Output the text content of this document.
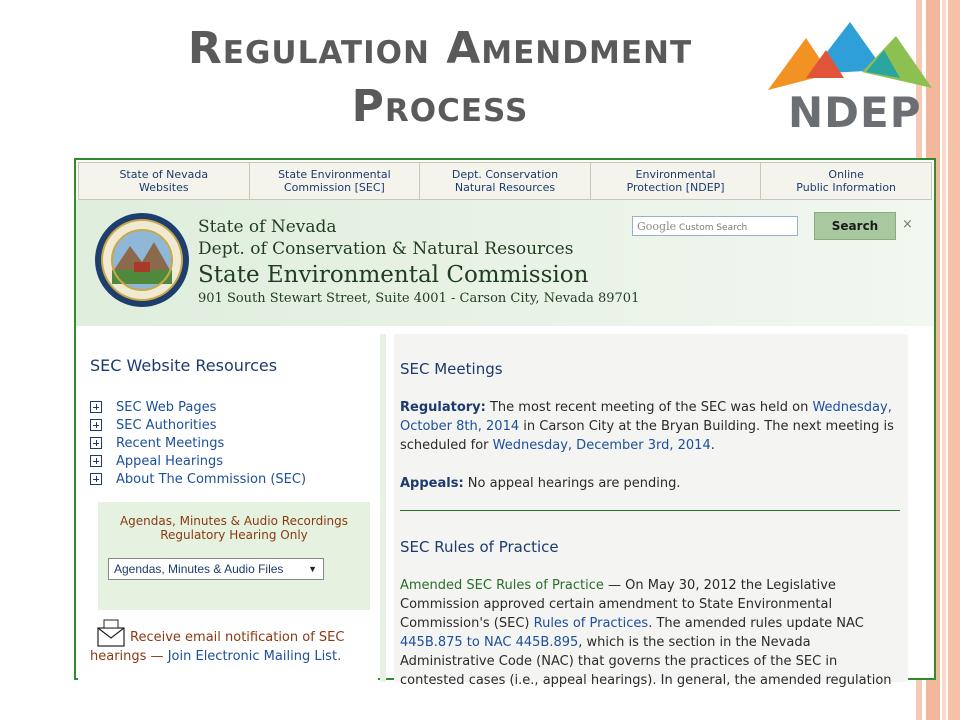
Regulation Amendment
Process	NDEP
State of Nevada
Websites
State Environmental
Commission [SEC]
Dept. Conservation
Natural Resources
Environmental
Protection [NDEP]
Online
Public Information
State of Nevada
Dept. of Conservation & Natural Resources
State Environmental Commission
901 South Stewart Street, Suite 4001 - Carson City, Nevada 89701
Google Custom Search	Search	×
SEC Website Resources
SEC Web Pages
SEC Authorities
Recent Meetings
Appeal Hearings
About The Commission (SEC)
Agendas, Minutes & Audio Recordings
Regulatory Hearing Only
Agendas, Minutes & Audio Files	▼
Receive email notification of SEC hearings — Join Electronic Mailing List.
SEC Meetings
Regulatory: The most recent meeting of the SEC was held on Wednesday, October 8th, 2014 in Carson City at the Bryan Building. The next meeting is scheduled for Wednesday, December 3rd, 2014.
Appeals: No appeal hearings are pending.
SEC Rules of Practice
Amended SEC Rules of Practice — On May 30, 2012 the Legislative Commission approved certain amendment to State Environmental Commission's (SEC) Rules of Practices. The amended rules update NAC 445B.875 to NAC 445B.895, which is the section in the Nevada Administrative Code (NAC) that governs the practices of the SEC in contested cases (i.e., appeal hearings). In general, the amended regulation
